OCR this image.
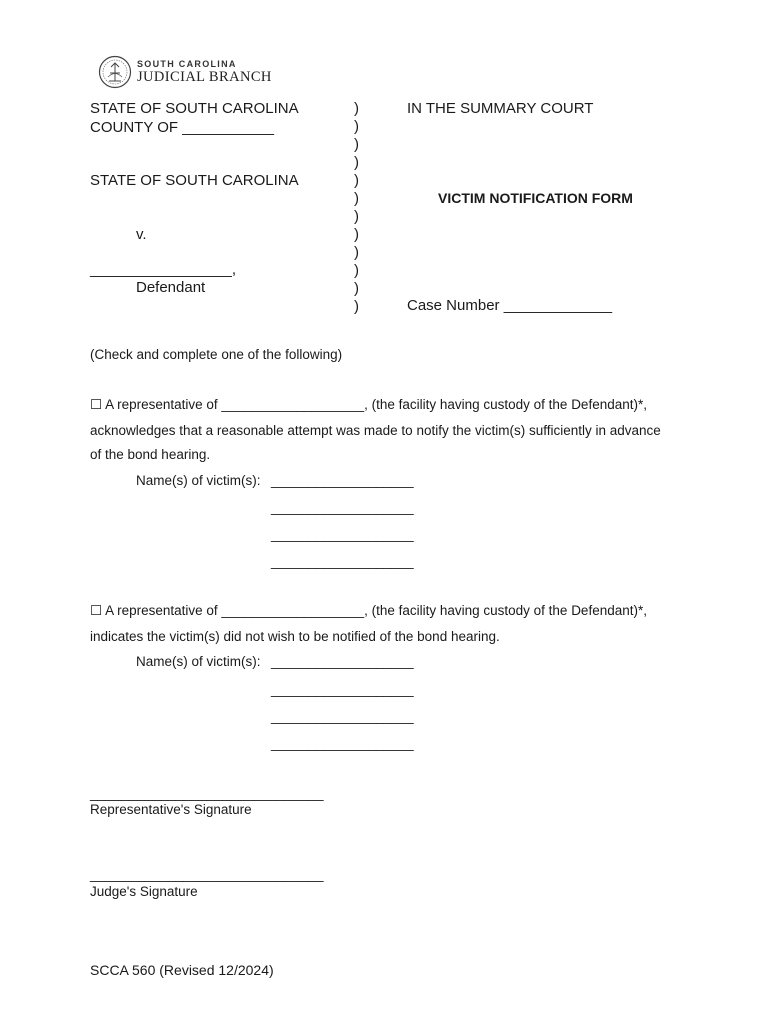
SOUTH CAROLINA
JUDICIAL BRANCH
STATE OF SOUTH CAROLINA
COUNTY OF ___________
STATE OF SOUTH CAROLINA
v.
_________________,
Defendant
)
)
)
)
)
)
)
)
)
)
)
)
IN THE SUMMARY COURT
VICTIM NOTIFICATION FORM
Case Number _____________
(Check and complete one of the following)
☐ A representative of ___________________, (the facility having custody of the Defendant)*,
acknowledges that a reasonable attempt was made to notify the victim(s) sufficiently in advance
of the bond hearing.
Name(s) of victim(s): ___________________
___________________
___________________
___________________
☐ A representative of ___________________, (the facility having custody of the Defendant)*,
indicates the victim(s) did not wish to be notified of the bond hearing.
Name(s) of victim(s): ___________________
___________________
___________________
___________________
______________________________
Representative's Signature
______________________________
Judge's Signature
SCCA 560 (Revised 12/2024)
